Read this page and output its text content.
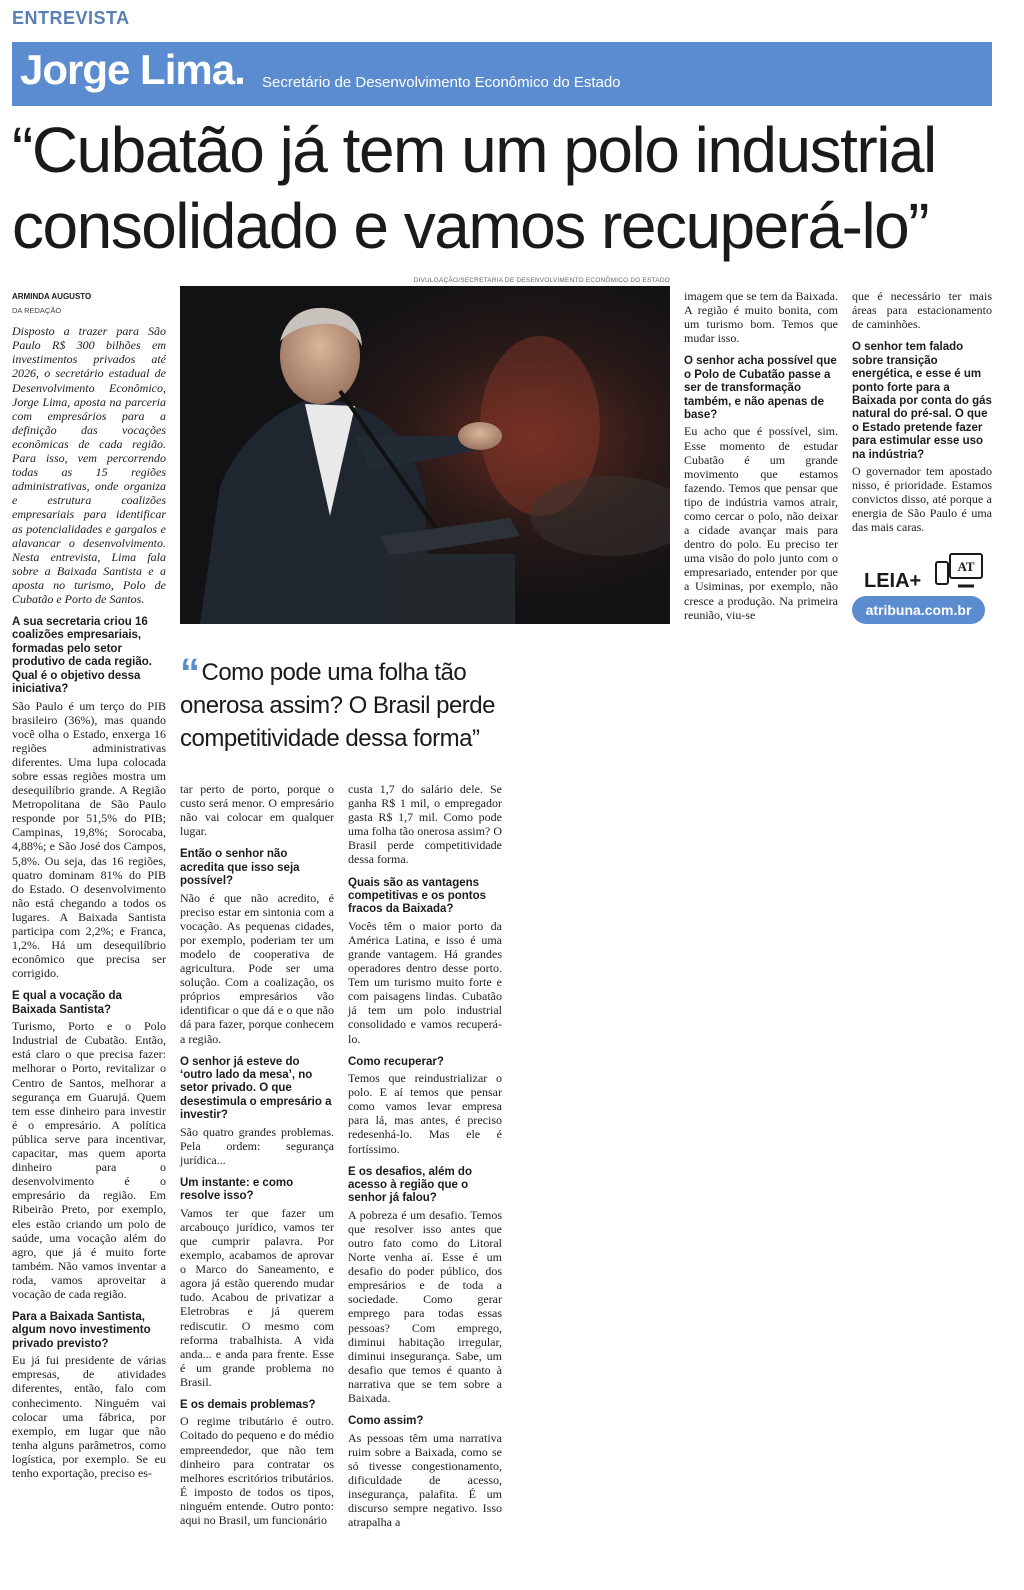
ENTREVISTA
Jorge Lima. Secretário de Desenvolvimento Econômico do Estado
“Cubatão já tem um polo industrial
consolidado e vamos recuperá-lo”
ARMINDA AUGUSTO
DA REDAÇÃO

Disposto a trazer para São Paulo R$ 300 bilhões em investimentos privados até 2026, o secretário estadual de Desenvolvimento Econômico, Jorge Lima, aposta na parceria com empresários para a definição das vocações econômicas de cada região. Para isso, vem percorrendo todas as 15 regiões administrativas, onde organiza e estrutura coalizões empresariais para identificar as potencialidades e gargalos e alavancar o desenvolvimento. Nesta entrevista, Lima fala sobre a Baixada Santista e a aposta no turismo, Polo de Cubatão e Porto de Santos.

A sua secretaria criou 16 coalizões empresariais, formadas pelo setor produtivo de cada região. Qual é o objetivo dessa iniciativa?

São Paulo é um terço do PIB brasileiro (36%), mas quando você olha o Estado, enxerga 16 regiões administrativas diferentes. Uma lupa colocada sobre essas regiões mostra um desequilíbrio grande. A Região Metropolitana de São Paulo responde por 51,5% do PIB; Campinas, 19,8%; Sorocaba, 4,88%; e São José dos Campos, 5,8%. Ou seja, das 16 regiões, quatro dominam 81% do PIB do Estado. O desenvolvimento não está chegando a todos os lugares. A Baixada Santista participa com 2,2%; e Franca, 1,2%. Há um desequilíbrio econômico que precisa ser corrigido.

E qual a vocação da Baixada Santista?

Turismo, Porto e o Polo Industrial de Cubatão. Então, está claro o que precisa fazer: melhorar o Porto, revitalizar o Centro de Santos, melhorar a segurança em Guarujá. Quem tem esse dinheiro para investir é o empresário. A política pública serve para incentivar, capacitar, mas quem aporta dinheiro para o desenvolvimento é o empresário da região. Em Ribeirão Preto, por exemplo, eles estão criando um polo de saúde, uma vocação além do agro, que já é muito forte também. Não vamos inventar a roda, vamos aproveitar a vocação de cada região.

Para a Baixada Santista, algum novo investimento privado previsto?

Eu já fui presidente de várias empresas, de atividades diferentes, então, falo com conhecimento. Ninguém vai colocar uma fábrica, por exemplo, em lugar que não tenha alguns parâmetros, como logística, por exemplo. Se eu tenho exportação, preciso es-

DIVULGAÇÃO/SECRETARIA DE DESENVOLVIMENTO ECONÔMICO DO ESTADO
“Como pode uma folha tão onerosa assim? O Brasil perde competitividade dessa forma”

tar perto de porto, porque o custo será menor. O empresário não vai colocar em qualquer lugar.

Então o senhor não acredita que isso seja possível?

Não é que não acredito, é preciso estar em sintonia com a vocação. As pequenas cidades, por exemplo, poderiam ter um modelo de cooperativa de agricultura. Pode ser uma solução. Com a coalização, os próprios empresários vão identificar o que dá e o que não dá para fazer, porque conhecem a região.

O senhor já esteve do ‘outro lado da mesa’, no setor privado. O que desestimula o empresário a investir?

São quatro grandes problemas. Pela ordem: segurança jurídica...

Um instante: e como resolve isso?

Vamos ter que fazer um arcabouço jurídico, vamos ter que cumprir palavra. Por exemplo, acabamos de aprovar o Marco do Saneamento, e agora já estão querendo mudar tudo. Acabou de privatizar a Eletrobras e já querem rediscutir. O mesmo com reforma trabalhista. A vida anda... e anda para frente. Esse é um grande problema no Brasil.

E os demais problemas?

O regime tributário é outro. Coitado do pequeno e do médio empreendedor, que não tem dinheiro para contratar os melhores escritórios tributários. É imposto de todos os tipos, ninguém entende. Outro ponto: aqui no Brasil, um funcionário

custa 1,7 do salário dele. Se ganha R$ 1 mil, o empregador gasta R$ 1,7 mil. Como pode uma folha tão onerosa assim? O Brasil perde competitividade dessa forma.

Quais são as vantagens competitivas e os pontos fracos da Baixada?

Vocês têm o maior porto da América Latina, e isso é uma grande vantagem. Há grandes operadores dentro desse porto. Tem um turismo muito forte e com paisagens lindas. Cubatão já tem um polo industrial consolidado e vamos recuperá-lo.

Como recuperar?

Temos que reindustrializar o polo. E aí temos que pensar como vamos levar empresa para lá, mas antes, é preciso redesenhá-lo. Mas ele é fortíssimo.

E os desafios, além do acesso à região que o senhor já falou?

A pobreza é um desafio. Temos que resolver isso antes que outro fato como do Litoral Norte venha aí. Esse é um desafio do poder público, dos empresários e de toda a sociedade. Como gerar emprego para todas essas pessoas? Com emprego, diminui habitação irregular, diminui insegurança. Sabe, um desafio que temos é quanto à narrativa que se tem sobre a Baixada.

Como assim?

As pessoas têm uma narrativa ruim sobre a Baixada, como se só tivesse congestionamento, dificuldade de acesso, insegurança, palafita. É um discurso sempre negativo. Isso atrapalha a

imagem que se tem da Baixada. A região é muito bonita, com um turismo bom. Temos que mudar isso.

O senhor acha possível que o Polo de Cubatão passe a ser de transformação também, e não apenas de base?

Eu acho que é possível, sim. Esse momento de estudar Cubatão é um grande movimento que estamos fazendo. Temos que pensar que tipo de indústria vamos atrair, como cercar o polo, não deixar a cidade avançar mais para dentro do polo. Eu preciso ter uma visão do polo junto com o empresariado, entender por que a Usiminas, por exemplo, não cresce a produção. Na primeira reunião, viu-se

que é necessário ter mais áreas para estacionamento de caminhões.

O senhor tem falado sobre transição energética, e esse é um ponto forte para a Baixada por conta do gás natural do pré-sal. O que o Estado pretende fazer para estimular esse uso na indústria?

O governador tem apostado nisso, é prioridade. Estamos convictos disso, até porque a energia de São Paulo é uma das mais caras.

LEIA+
AT
atribuna.com.br
